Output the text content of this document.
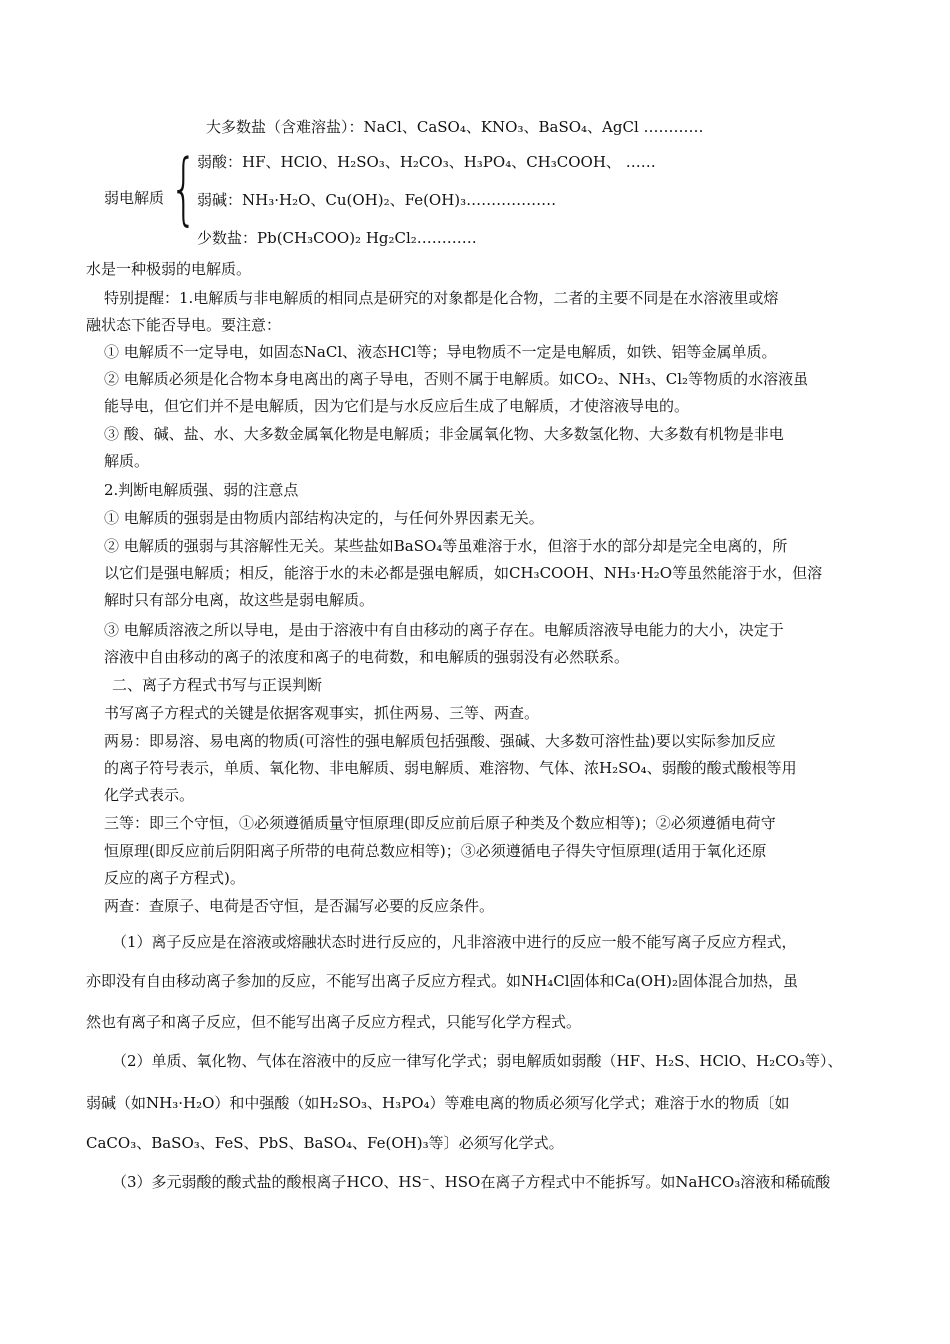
大多数盐（含难溶盐）：NaCl、CaSO₄、KNO₃、BaSO₄、AgCl …………
{ 弱酸：HF、HClO、H₂SO₃、H₂CO₃、H₃PO₄、CH₃COOH、 ……
弱电解质 弱碱：NH₃·H₂O、Cu(OH)₂、Fe(OH)₃………………
少数盐：Pb(CH₃COO)₂ Hg₂Cl₂…………
水是一种极弱的电解质。
特别提醒：1.电解质与非电解质的相同点是研究的对象都是化合物，二者的主要不同是在水溶液里或熔
融状态下能否导电。要注意：
① 电解质不一定导电，如固态NaCl、液态HCl等；导电物质不一定是电解质，如铁、铝等金属单质。
② 电解质必须是化合物本身电离出的离子导电，否则不属于电解质。如CO₂、NH₃、Cl₂等物质的水溶液虽
能导电，但它们并不是电解质，因为它们是与水反应后生成了电解质，才使溶液导电的。
③ 酸、碱、盐、水、大多数金属氧化物是电解质；非金属氧化物、大多数氢化物、大多数有机物是非电
解质。
2.判断电解质强、弱的注意点
① 电解质的强弱是由物质内部结构决定的，与任何外界因素无关。
② 电解质的强弱与其溶解性无关。某些盐如BaSO₄等虽难溶于水，但溶于水的部分却是完全电离的，所
以它们是强电解质；相反，能溶于水的未必都是强电解质，如CH₃COOH、NH₃·H₂O等虽然能溶于水，但溶
解时只有部分电离，故这些是弱电解质。
③ 电解质溶液之所以导电，是由于溶液中有自由移动的离子存在。电解质溶液导电能力的大小，决定于
溶液中自由移动的离子的浓度和离子的电荷数，和电解质的强弱没有必然联系。
二、离子方程式书写与正误判断
书写离子方程式的关键是依据客观事实，抓住两易、三等、两查。
两易：即易溶、易电离的物质(可溶性的强电解质包括强酸、强碱、大多数可溶性盐)要以实际参加反应
的离子符号表示，单质、氧化物、非电解质、弱电解质、难溶物、气体、浓H₂SO₄、弱酸的酸式酸根等用
化学式表示。
三等：即三个守恒，①必须遵循质量守恒原理(即反应前后原子种类及个数应相等)；②必须遵循电荷守
恒原理(即反应前后阴阳离子所带的电荷总数应相等)；③必须遵循电子得失守恒原理(适用于氧化还原
反应的离子方程式)。
两查：查原子、电荷是否守恒，是否漏写必要的反应条件。
（1）离子反应是在溶液或熔融状态时进行反应的，凡非溶液中进行的反应一般不能写离子反应方程式，
亦即没有自由移动离子参加的反应，不能写出离子反应方程式。如NH₄Cl固体和Ca(OH)₂固体混合加热，虽
然也有离子和离子反应，但不能写出离子反应方程式，只能写化学方程式。
（2）单质、氧化物、气体在溶液中的反应一律写化学式；弱电解质如弱酸（HF、H₂S、HClO、H₂CO₃等）、
弱碱（如NH₃·H₂O）和中强酸（如H₂SO₃、H₃PO₄）等难电离的物质必须写化学式；难溶于水的物质〔如
CaCO₃、BaSO₃、FeS、PbS、BaSO₄、Fe(OH)₃等〕必须写化学式。
（3）多元弱酸的酸式盐的酸根离子HCO、HS⁻、HSO在离子方程式中不能拆写。如NaHCO₃溶液和稀硫酸
